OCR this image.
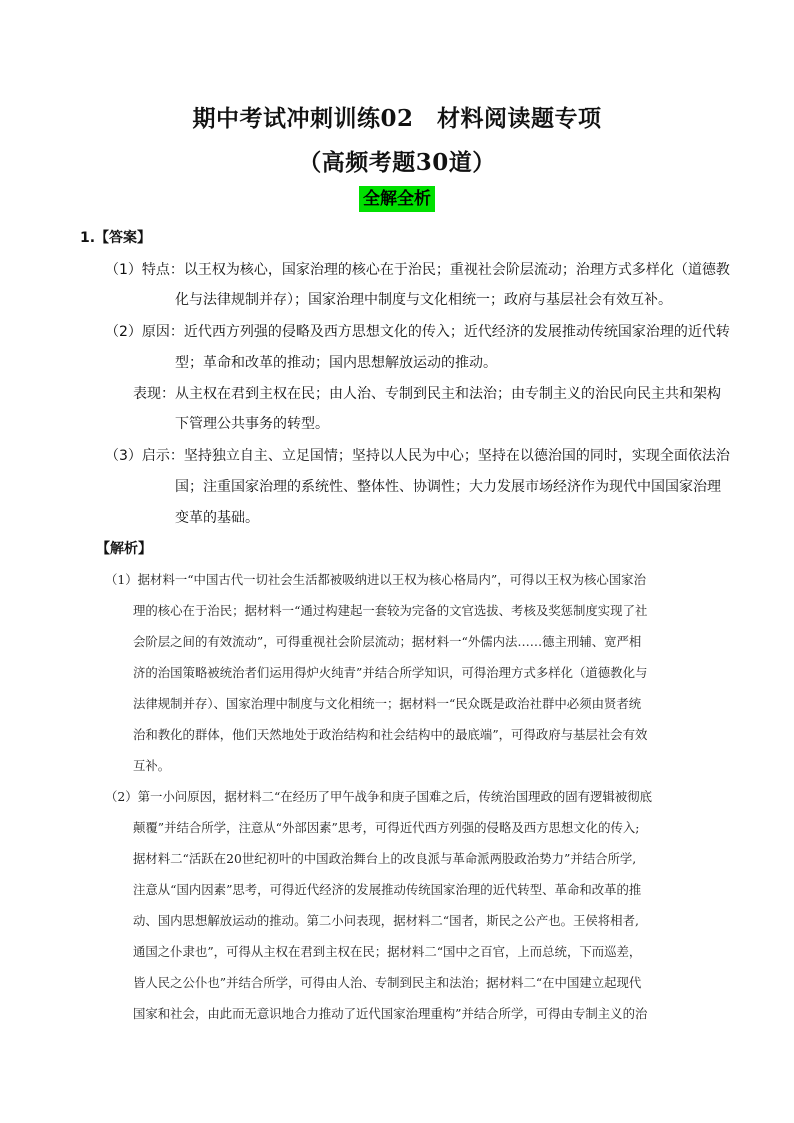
期中考试冲刺训练02　材料阅读题专项
（高频考题30道）
全解全析
1.【答案】
（1）特点：以王权为核心，国家治理的核心在于治民；重视社会阶层流动；治理方式多样化（道德教
化与法律规制并存）；国家治理中制度与文化相统一；政府与基层社会有效互补。
（2）原因：近代西方列强的侵略及西方思想文化的传入；近代经济的发展推动传统国家治理的近代转
型；革命和改革的推动；国内思想解放运动的推动。
表现：从主权在君到主权在民；由人治、专制到民主和法治；由专制主义的治民向民主共和架构
下管理公共事务的转型。
（3）启示：坚持独立自主、立足国情；坚持以人民为中心；坚持在以德治国的同时，实现全面依法治
国；注重国家治理的系统性、整体性、协调性；大力发展市场经济作为现代中国国家治理
变革的基础。
【解析】
（1）据材料一“中国古代一切社会生活都被吸纳进以王权为核心格局内”，可得以王权为核心国家治
理的核心在于治民；据材料一“通过构建起一套较为完备的文官选拔、考核及奖惩制度实现了社
会阶层之间的有效流动”，可得重视社会阶层流动；据材料一“外儒内法……德主刑辅、宽严相
济的治国策略被统治者们运用得炉火纯青”并结合所学知识，可得治理方式多样化（道德教化与
法律规制并存）、国家治理中制度与文化相统一；据材料一“民众既是政治社群中必须由贤者统
治和教化的群体，他们天然地处于政治结构和社会结构中的最底端”，可得政府与基层社会有效
互补。
（2）第一小问原因，据材料二“在经历了甲午战争和庚子国难之后，传统治国理政的固有逻辑被彻底
颠覆”并结合所学，注意从“外部因素”思考，可得近代西方列强的侵略及西方思想文化的传入;
据材料二“活跃在20世纪初叶的中国政治舞台上的改良派与革命派两股政治势力”并结合所学,
注意从“国内因素”思考，可得近代经济的发展推动传统国家治理的近代转型、革命和改革的推
动、国内思想解放运动的推动。第二小问表现，据材料二“国者，斯民之公产也。王侯将相者,
通国之仆隶也”，可得从主权在君到主权在民；据材料二“国中之百官，上而总统，下而巡差，
皆人民之公仆也”并结合所学，可得由人治、专制到民主和法治；据材料二“在中国建立起现代
国家和社会，由此而无意识地合力推动了近代国家治理重构”并结合所学，可得由专制主义的治
